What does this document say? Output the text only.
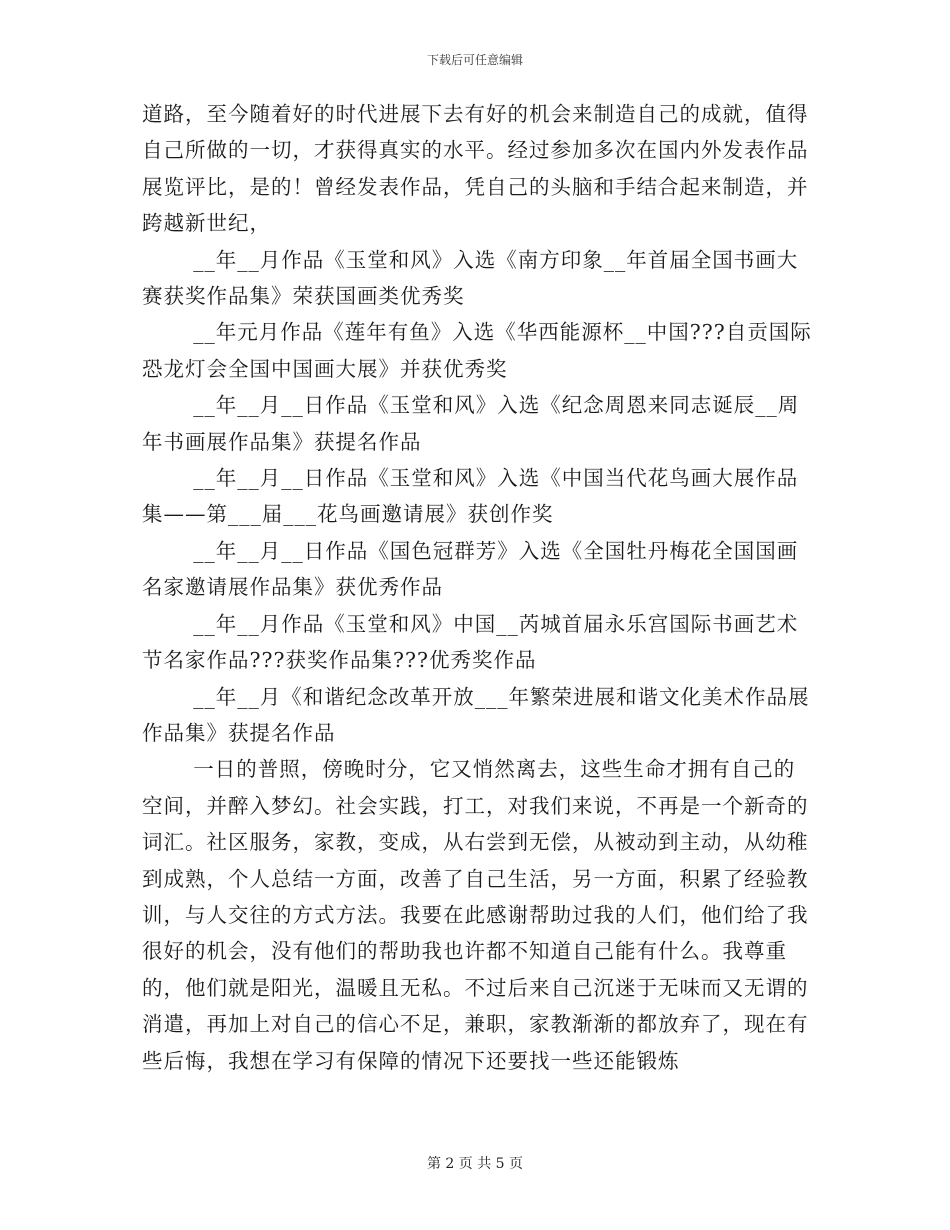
下载后可任意编辑

道路，至今随着好的时代进展下去有好的机会来制造自己的成就，值得自己所做的一切，才获得真实的水平。经过参加多次在国内外发表作品展览评比，是的！曾经发表作品，凭自己的头脑和手结合起来制造，并跨越新世纪，

__年__月作品《玉堂和风》入选《南方印象__年首届全国书画大赛获奖作品集》荣获国画类优秀奖

__年元月作品《莲年有鱼》入选《华西能源杯__中国???自贡国际恐龙灯会全国中国画大展》并获优秀奖

__年__月__日作品《玉堂和风》入选《纪念周恩来同志诞辰__周年书画展作品集》获提名作品

__年__月__日作品《玉堂和风》入选《中国当代花鸟画大展作品集——第___届___花鸟画邀请展》获创作奖

__年__月__日作品《国色冠群芳》入选《全国牡丹梅花全国国画名家邀请展作品集》获优秀作品

__年__月作品《玉堂和风》中国__芮城首届永乐宫国际书画艺术节名家作品???获奖作品集???优秀奖作品

__年__月《和谐纪念改革开放___年繁荣进展和谐文化美术作品展作品集》获提名作品

一日的普照，傍晚时分，它又悄然离去，这些生命才拥有自己的空间，并醉入梦幻。社会实践，打工，对我们来说，不再是一个新奇的词汇。社区服务，家教，变成，从右尝到无偿，从被动到主动，从幼稚到成熟，个人总结一方面，改善了自己生活，另一方面，积累了经验教训，与人交往的方式方法。我要在此感谢帮助过我的人们，他们给了我很好的机会，没有他们的帮助我也许都不知道自己能有什么。我尊重的，他们就是阳光，温暖且无私。不过后来自己沉迷于无味而又无谓的消遣，再加上对自己的信心不足，兼职，家教渐渐的都放弃了，现在有些后悔，我想在学习有保障的情况下还要找一些还能锻炼

第 2 页 共 5 页
